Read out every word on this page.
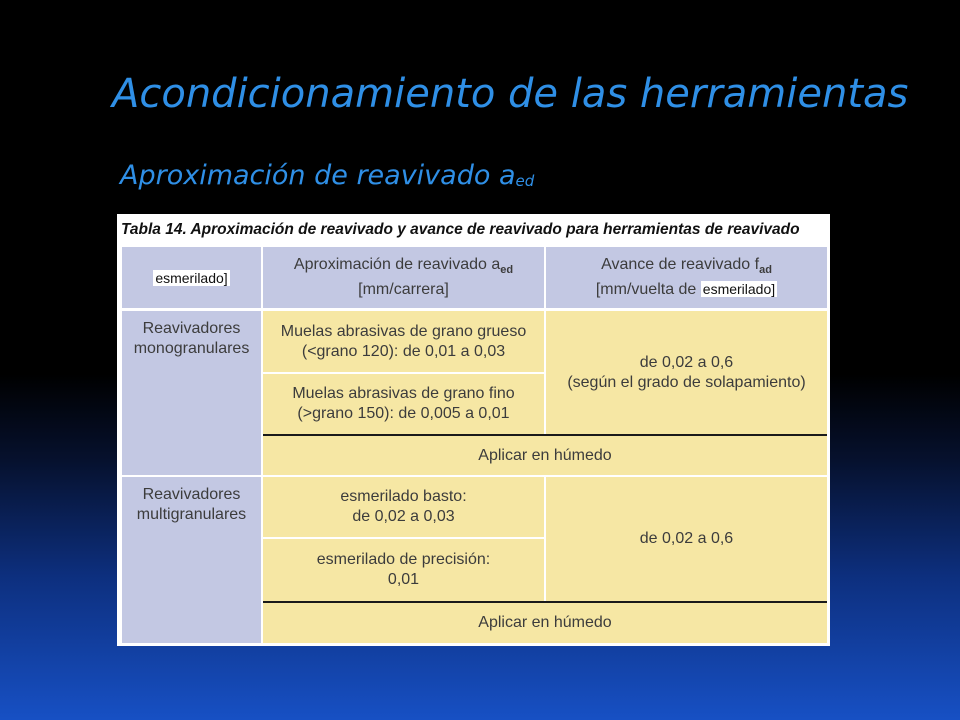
Acondicionamiento de las herramientas
Aproximación de reavivado aed
Tabla 14. Aproximación de reavivado y avance de reavivado para herramientas de reavivado
esmerilado]
Aproximación de reavivado $a_{ed}$
[mm/carrera]
Avance de reavivado $f_{ad}$
[mm/vuelta de esmerilado]
Reavivadores
monogranulares
Muelas abrasivas de grano grueso
(<grano 120): de 0,01 a 0,03
Muelas abrasivas de grano fino
(>grano 150): de 0,005 a 0,01
de 0,02 a 0,6
(según el grado de solapamiento)
Aplicar en húmedo
Reavivadores
multigranulares
esmerilado basto:
de 0,02 a 0,03
esmerilado de precisión:
0,01
de 0,02 a 0,6
Aplicar en húmedo
